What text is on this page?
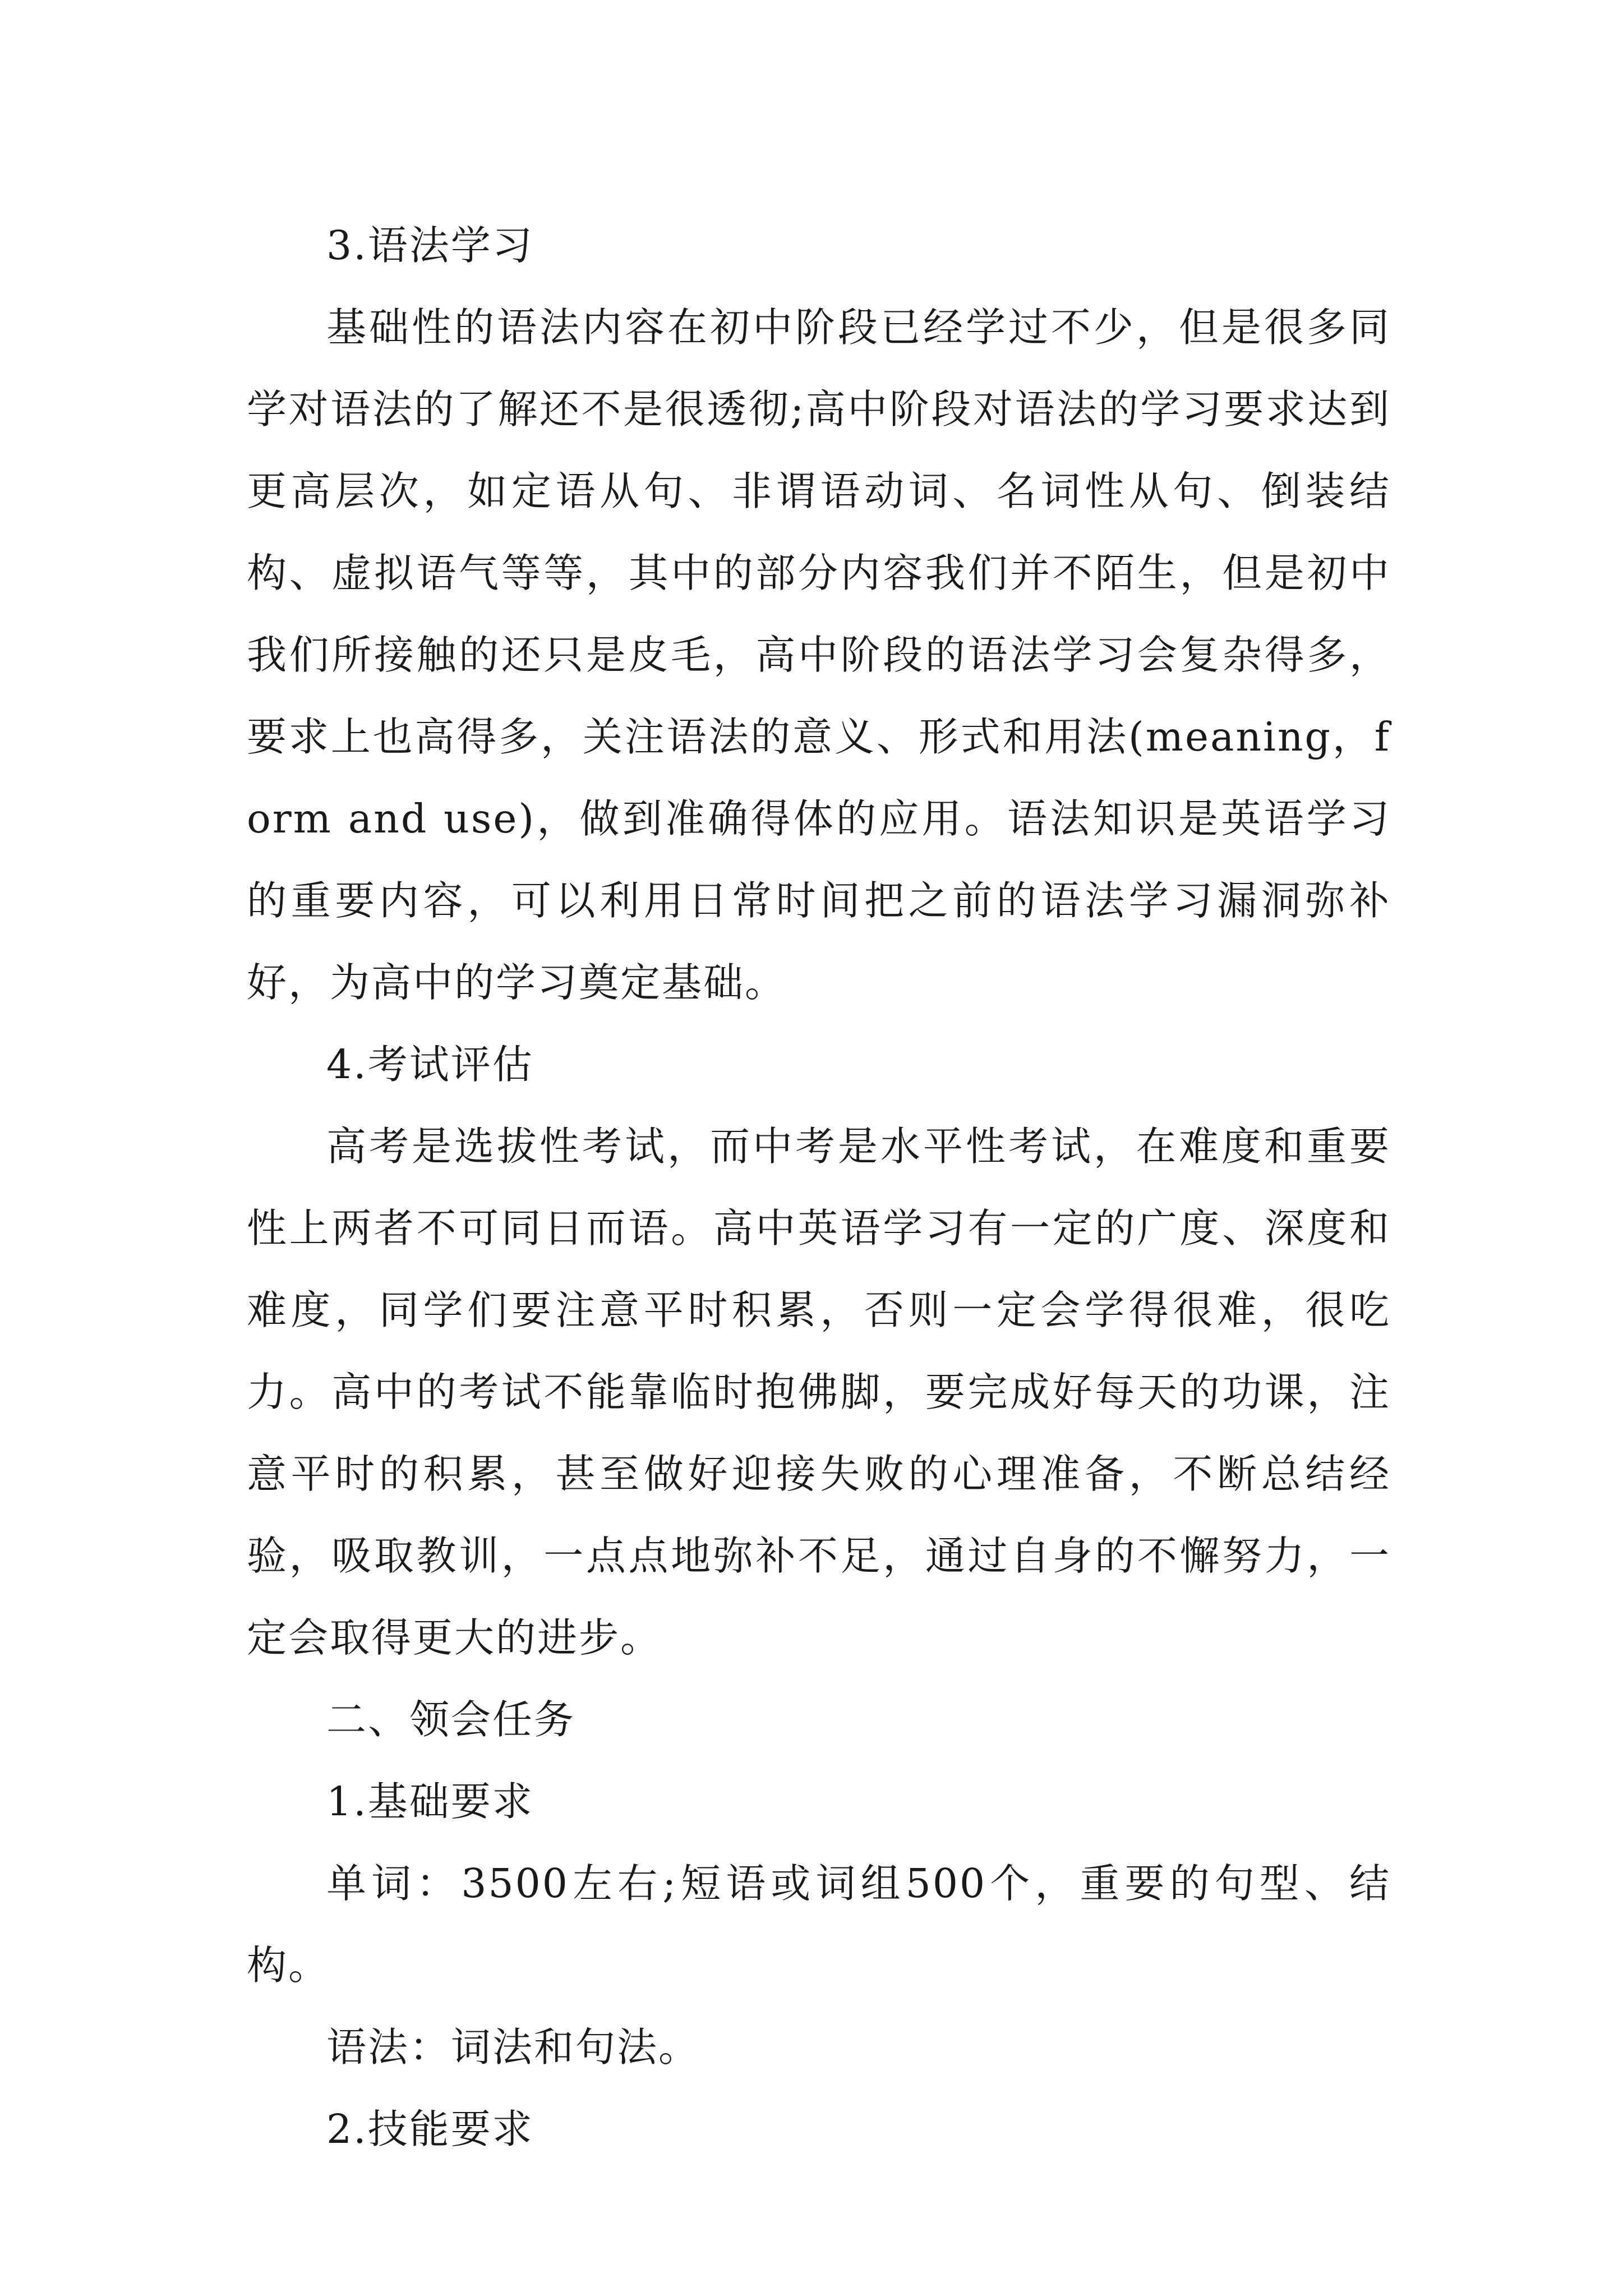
3.语法学习

基础性的语法内容在初中阶段已经学过不少，但是很多同学对语法的了解还不是很透彻;高中阶段对语法的学习要求达到更高层次，如定语从句、非谓语动词、名词性从句、倒装结构、虚拟语气等等，其中的部分内容我们并不陌生，但是初中我们所接触的还只是皮毛，高中阶段的语法学习会复杂得多，要求上也高得多，关注语法的意义、形式和用法(meaning，form and use)，做到准确得体的应用。语法知识是英语学习的重要内容，可以利用日常时间把之前的语法学习漏洞弥补好，为高中的学习奠定基础。

4.考试评估

高考是选拔性考试，而中考是水平性考试，在难度和重要性上两者不可同日而语。高中英语学习有一定的广度、深度和难度，同学们要注意平时积累，否则一定会学得很难，很吃力。高中的考试不能靠临时抱佛脚，要完成好每天的功课，注意平时的积累，甚至做好迎接失败的心理准备，不断总结经验，吸取教训，一点点地弥补不足，通过自身的不懈努力，一定会取得更大的进步。

二、领会任务

1.基础要求

单词：3500左右;短语或词组500个，重要的句型、结构。

语法：词法和句法。

2.技能要求
